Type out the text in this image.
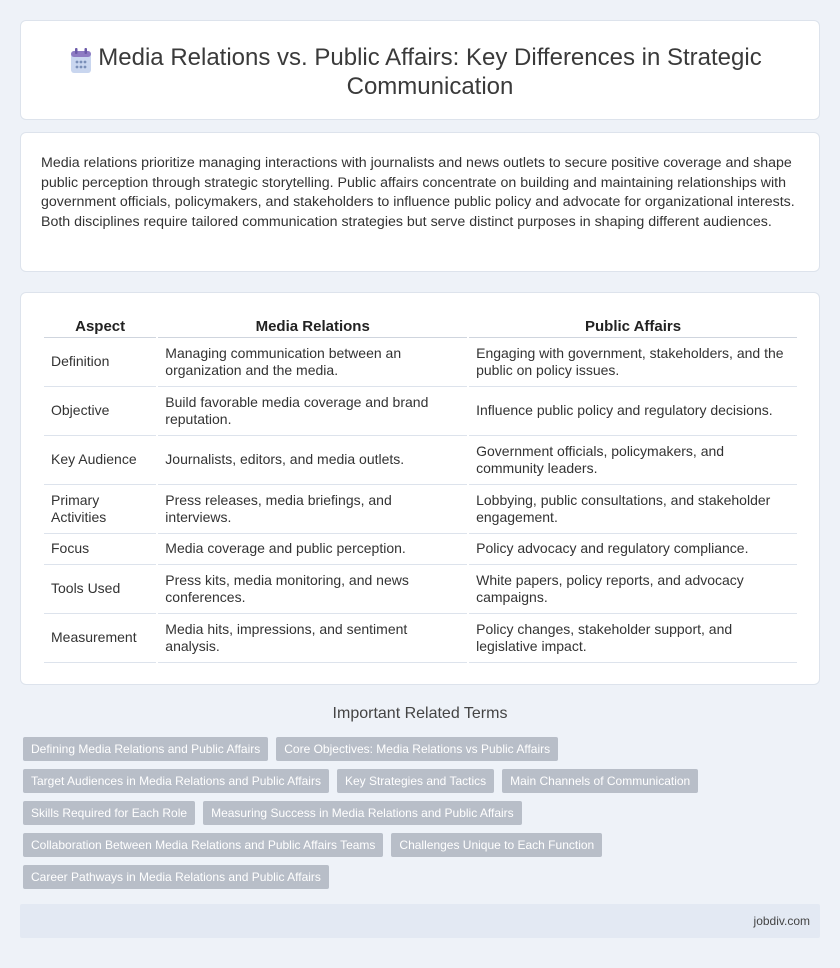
Media Relations vs. Public Affairs: Key Differences in Strategic Communication

Media relations prioritize managing interactions with journalists and news outlets to secure positive coverage and shape public perception through strategic storytelling. Public affairs concentrate on building and maintaining relationships with government officials, policymakers, and stakeholders to influence public policy and advocate for organizational interests. Both disciplines require tailored communication strategies but serve distinct purposes in shaping different audiences.

Aspect	Media Relations	Public Affairs
Definition	Managing communication between an organization and the media.	Engaging with government, stakeholders, and the public on policy issues.
Objective	Build favorable media coverage and brand reputation.	Influence public policy and regulatory decisions.
Key Audience	Journalists, editors, and media outlets.	Government officials, policymakers, and community leaders.
Primary Activities	Press releases, media briefings, and interviews.	Lobbying, public consultations, and stakeholder engagement.
Focus	Media coverage and public perception.	Policy advocacy and regulatory compliance.
Tools Used	Press kits, media monitoring, and news conferences.	White papers, policy reports, and advocacy campaigns.
Measurement	Media hits, impressions, and sentiment analysis.	Policy changes, stakeholder support, and legislative impact.
Important Related Terms
Defining Media Relations and Public Affairs	Core Objectives: Media Relations vs Public Affairs
Target Audiences in Media Relations and Public Affairs	Key Strategies and Tactics	Main Channels of Communication
Skills Required for Each Role	Measuring Success in Media Relations and Public Affairs
Collaboration Between Media Relations and Public Affairs Teams	Challenges Unique to Each Function
Career Pathways in Media Relations and Public Affairs
jobdiv.com
